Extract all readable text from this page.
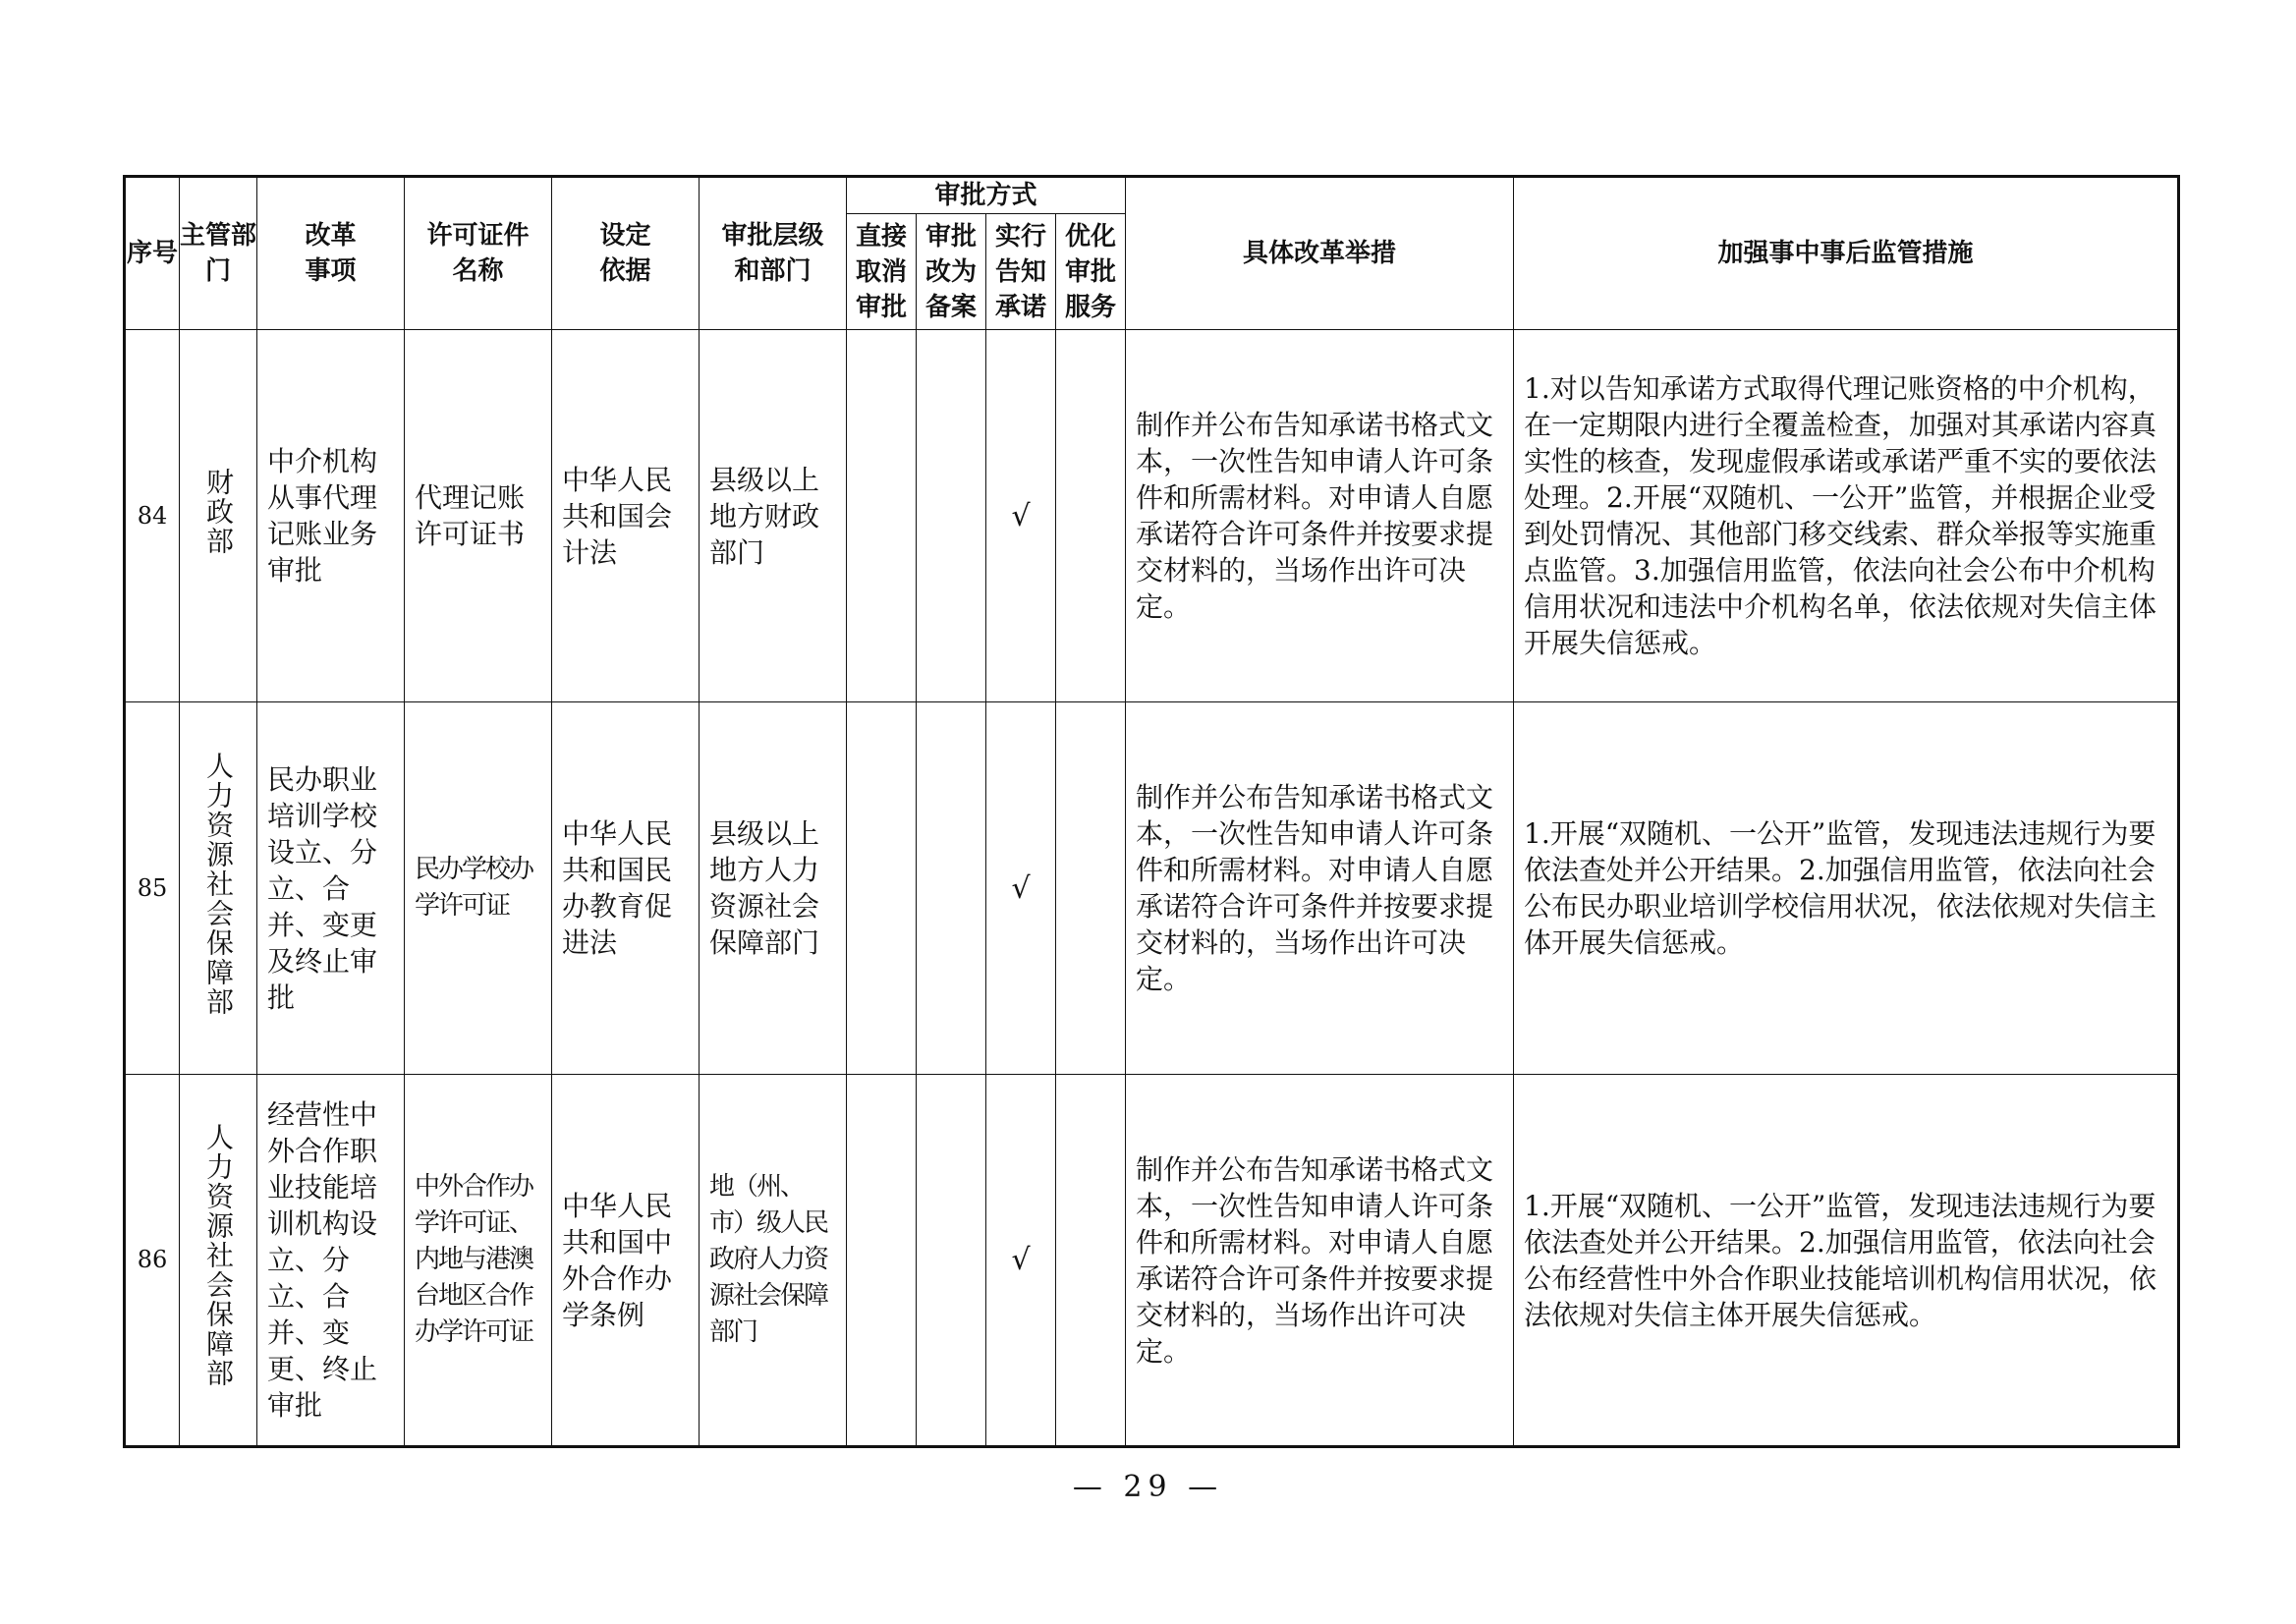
序号	主管部门	改革事项	许可证件名称	设定依据	审批层级和部门	审批方式				具体改革举措	加强事中事后监管措施
						直接取消审批	审批改为备案	实行告知承诺	优化审批服务		
84	财政部	中介机构从事代理记账业务审批	代理记账许可证书	中华人民共和国会计法	县级以上地方财政部门			√		制作并公布告知承诺书格式文本，一次性告知申请人许可条件和所需材料。对申请人自愿承诺符合许可条件并按要求提交材料的，当场作出许可决定。	1.对以告知承诺方式取得代理记账资格的中介机构，在一定期限内进行全覆盖检查，加强对其承诺内容真实性的核查，发现虚假承诺或承诺严重不实的要依法处理。2.开展“双随机、一公开”监管，并根据企业受到处罚情况、其他部门移交线索、群众举报等实施重点监管。3.加强信用监管，依法向社会公布中介机构信用状况和违法中介机构名单，依法依规对失信主体开展失信惩戒。
85	人力资源社会保障部	民办职业培训学校设立、分立、合并、变更及终止审批	民办学校办学许可证	中华人民共和国民办教育促进法	县级以上地方人力资源社会保障部门			√		制作并公布告知承诺书格式文本，一次性告知申请人许可条件和所需材料。对申请人自愿承诺符合许可条件并按要求提交材料的，当场作出许可决定。	1.开展“双随机、一公开”监管，发现违法违规行为要依法查处并公开结果。2.加强信用监管，依法向社会公布民办职业培训学校信用状况，依法依规对失信主体开展失信惩戒。
86	人力资源社会保障部	经营性中外合作职业技能培训机构设立、分立、合并、变更、终止审批	中外合作办学许可证、内地与港澳台地区合作办学许可证	中华人民共和国中外合作办学条例	地（州、市）级人民政府人力资源社会保障部门			√		制作并公布告知承诺书格式文本，一次性告知申请人许可条件和所需材料。对申请人自愿承诺符合许可条件并按要求提交材料的，当场作出许可决定。	1.开展“双随机、一公开”监管，发现违法违规行为要依法查处并公开结果。2.加强信用监管，依法向社会公布经营性中外合作职业技能培训机构信用状况，依法依规对失信主体开展失信惩戒。
— 29 —
